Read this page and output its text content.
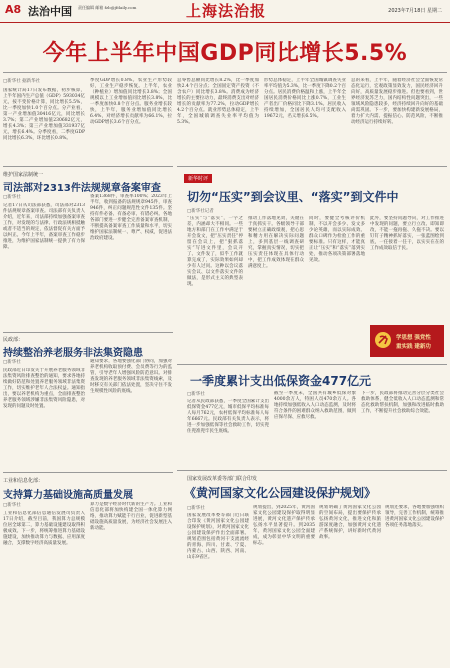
A8 法治中国 责任编辑 邮箱 fzb@jfdaily.com	上海法治报	2023年7月18日 星期二
今年上半年中国GDP同比增长5.5%
□新华社 据新华社
国家统计局17日发布数据，初步核算，上半年国内生产总值（GDP）593034亿元，按不变价格计算，同比增长5.5%，比一季度加快1.0个百分点。分产业看，第一产业增加值30416亿元，同比增长3.7%；第二产业增加值230682亿元，增长4.3%；第三产业增加值331937亿元，增长6.4%。分季度看，二季度GDP同比增长6.3%，环比增长0.8%。
季度GDP增长0.8%。农业生产形势较好，工业生产稳步恢复。上半年，农业（种植业）增加值同比增长3.8%；全国规模以上工业增加值同比增长3.8%，比一季度加快0.8个百分点。服务业增长较快，上半年，服务业增加值同比增长6.4%，对经济增长贡献率为66.1%，拉动GDP增长3.6个百分点。
总零售总额同比增长8.2%，比一季度加快2.4个百分点；全国固定资产投资（不含农户）同比增长3.8%。消费成为经济增长的主要拉动力，最终消费支出对经济增长的贡献率为77.2%，拉动GDP增长4.2个百分点。就业形势总体稳定，上半年，全国城镇调查失业率平均值为5.3%。
形势总体稳定，上半年全国城镇调查失业率平均值为5.3%，比一季度下降0.2个百分点。居民消费价格温和上涨，上半年全国居民消费价格同比上涨0.7%，工业生产者出厂价格同比下降3.1%。居民收入持续增加，全国居民人均可支配收入19672元，名义增长6.5%。
总的来看，上半年，随着经济社会全面恢复常态化运行，宏观政策显效发力，国民经济回升向好，高质量发展稳步推进。但也要看到，世界经济复苏乏力，国内结构性问题突出，一些领域风险隐患较多，经济持续回升向好的基础尚需巩固。下一步，要加快构建新发展格局，着力扩大内需、提振信心、防范风险，不断推动经济运行持续好转。
维护国家法制统一
司法部对2313件法规规章备案审查
□新华社
记者17日从司法部获悉，司法部对2313件法规规章备案审查。司法部有关负责人介绍，近年来，司法部持续加强备案审查工作，对发现的与法律、行政法规相抵触或者不适当的规定，依法督促有关方面予以纠正。今年上半年，备案审查工作稳步推进，为维护国家法制统一提供了有力保障。
备案1368件，审查率100%；2023年上半年，收到报备的法规规章945件，审查946件，纠正问题规范性文件135件。坚持有件必备、有备必审、有错必纠。各地各部门要进一步健全完善备案审查机制，不断提高备案审查工作质量和水平，切实维护国家法制统一、尊严、权威，促进法治政府建设。
民政部：
持续整治养老服务非法集资隐患
□新华社
民政部近日印发关于开展养老服务领域非法集资风险排查整治的通知，要求各地持续做好防范和处置养老服务领域非法集资工作，切实维护老年人合法权益。通知指出，要以养老机构为重点，全面排查整治养老服务领域涉嫌非法集资风险隐患，对发现的问题及时处置。
通知要求，各地要强化部门协同，加强对养老机构收取预付费、会员费等行为的监管，引导老年人增强风险防范意识。对排查发现的养老服务领域非法集资线索，及时移交有关部门依法处置，坚决守住不发生规模性风险的底线。
工业和信息化部：
支持算力基础设施高质量发展
□新华社
工业和信息化部信息通信发展司负责人17日介绍，截至目前，我国算力总规模位居全球第二，算力基础设施建设取得积极成效。下一步，将统筹推进算力基础设施建设，加快推动算力与数据、应用深度融合，支撑数字经济高质量发展。
算力是数字经济时代新的生产力。工业和信息化部将加快构建全国一体化算力网络，推动算力赋能千行百业，促进新型基础设施高质量发展，为经济社会发展注入新动能。
新华时评
切勿“压实”到会议里、“落实”到文件中
□新华社记者
“压实”与“落实”，一字之差，内涵却大不相同。一些地方和部门在工作中满足于开会发文，把“压实责任”停留在会议上，把“狠抓落实”写进文件里，会议开了、文件发了，似乎工作就算完成了，实际效果如何却少有人过问。这种以会议落实会议、以文件落实文件的做法，是形式主义的典型表现。
推动工作落地见效，关键在于真抓实干。各级领导干部要树立正确政绩观，把心思和精力用在解决实际问题上，多到基层一线调查研究，掌握真实情况，切实把压实责任体现在具体行动中，把工作成效体现在群众满意度上。
同时，要健全考核评价机制，不以开会多少、发文多少论英雄，而以实际成效、群众口碑作为检验工作的重要标准。只有这样，才能真正让“压实”和“落实”落到实处，推动各项决策部署落地见效。
此外，要坚持问题导向，对工作推进中发现的问题，要立行立改、即知即改，不能一拖再拖、久拖不决。要以钉钉子精神抓好落实，一张蓝图绘到底，一任接着一任干，以实实在在的工作成效取信于民。
学思想 强党性
重实践 建新功
一季度累计支出低保资金477亿元
□新华社
记者从民政部获悉，一季度全国累计支出低保资金477亿元，城市低保平均标准每人每月762元，农村低保平均标准每人每年6667元。民政部有关负责人表示，将进一步加强低保等社会救助工作，切实兜住兜准兜牢民生底线。
截至一季度末，全国共有城乡低保对象4000余万人，特困人员470余万人。各地持续加强低收入人口动态监测，及时将符合条件的困难群众纳入救助范围，做到应保尽保、应救尽救。
下一步，民政部将推动完善分层分类社会救助体系，健全低收入人口动态监测和常态化救助帮扶机制，加强和改进临时救助工作，不断提升社会救助综合效能。
国家发展改革委等部门联合印发
《黄河国家文化公园建设保护规划》
□新华社
国家发展改革委等部门近日联合印发《黄河国家文化公园建设保护规划》，对黄河国家文化公园建设保护作出全面部署。规划范围包括黄河干支流流经的青海、四川、甘肃、宁夏、内蒙古、山西、陕西、河南、山东9省区。
规划提出，到2025年，黄河国家文化公园建设保护取得明显进展，黄河文化遗产保护传承弘扬水平显著提升。到2035年，黄河国家文化公园全面建成，成为彰显中华文明的重要标志。
规划明确了黄河国家文化公园的空间布局，提出要保护传承弘扬黄河文化，推进文化和旅游深度融合，加强黄河文化遗产系统保护，讲好新时代黄河故事。
规划还要求，各地要加强组织领导，完善工作机制，统筹推进黄河国家文化公园建设保护各项任务落地落实。
